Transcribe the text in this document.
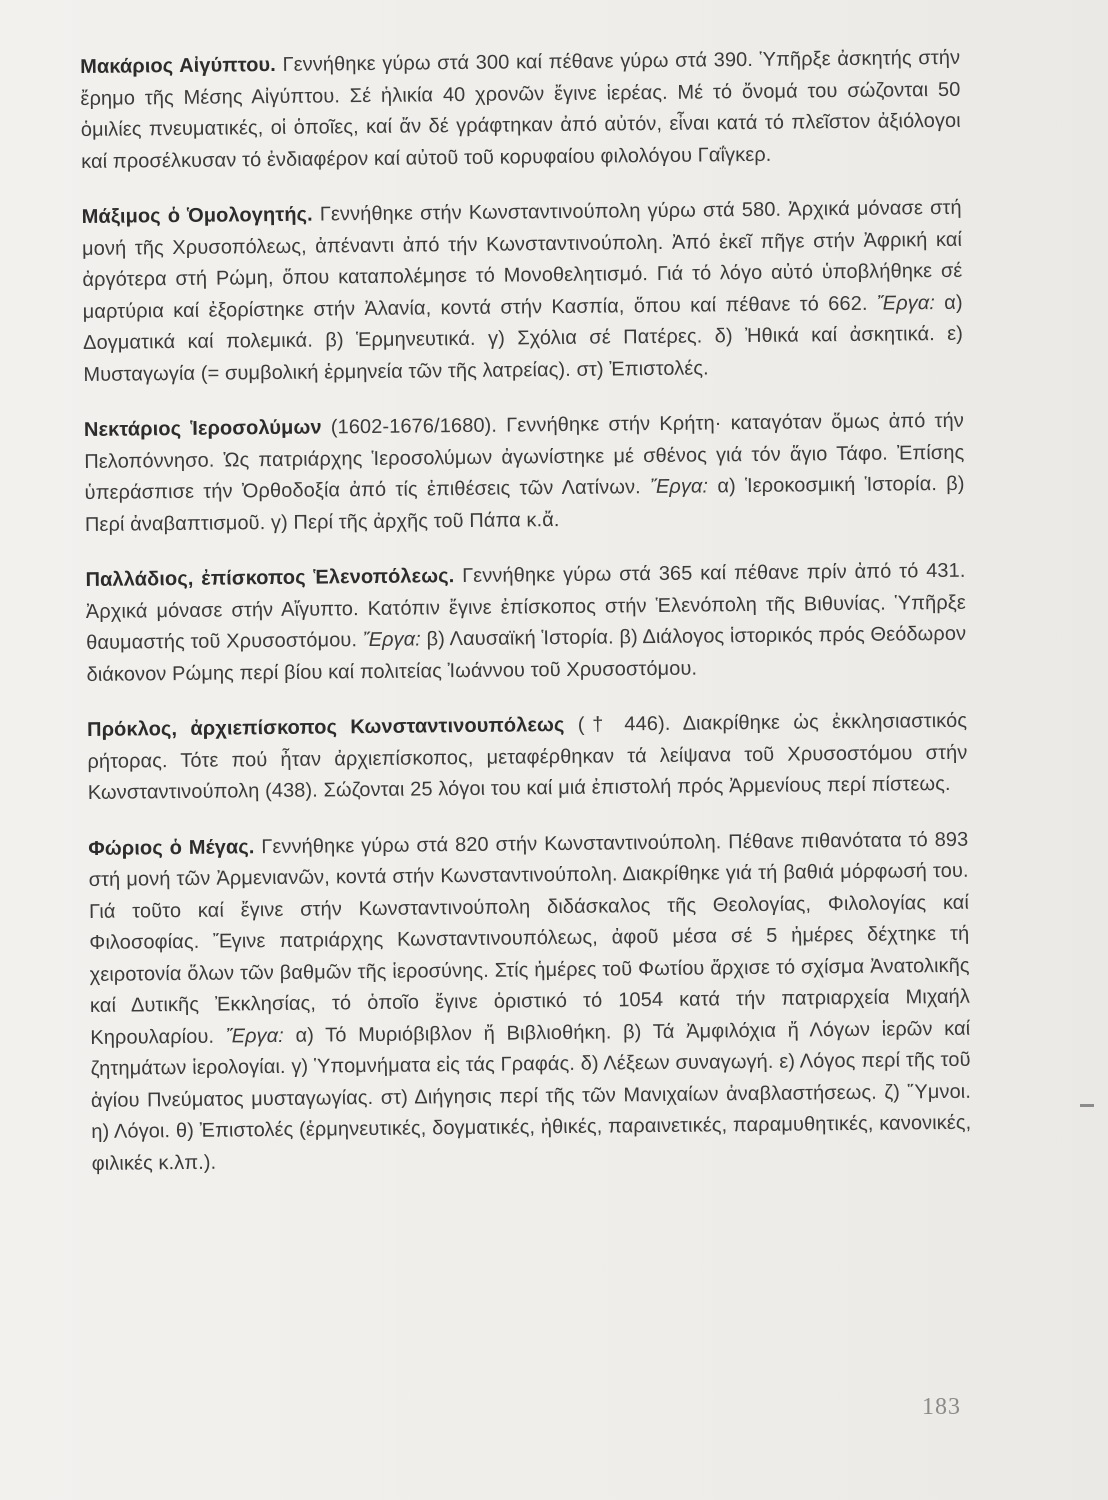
Μακάριος Αἰγύπτου. Γεννήθηκε γύρω στά 300 καί πέθανε γύρω στά 390. Ὑπῆρξε ἀσκητής στήν ἔρημο τῆς Μέσης Αἰγύπτου. Σέ ἡλικία 40 χρονῶν ἔγινε ἱερέας. Μέ τό ὄνομά του σώζονται 50 ὁμιλίες πνευματικές, οἱ ὁποῖες, καί ἄν δέ γράφτηκαν ἀπό αὐτόν, εἶναι κατά τό πλεῖστον ἀξιόλογοι καί προσέλκυσαν τό ἐνδιαφέρον καί αὐτοῦ τοῦ κορυφαίου φιλολόγου Γαΐγκερ.

Μάξιμος ὁ Ὁμολογητής. Γεννήθηκε στήν Κωνσταντινούπολη γύρω στά 580. Ἀρχικά μόνασε στή μονή τῆς Χρυσοπόλεως, ἀπέναντι ἀπό τήν Κωνσταντινούπολη. Ἀπό ἐκεῖ πῆγε στήν Ἀφρική καί ἀργότερα στή Ρώμη, ὅπου καταπολέμησε τό Μονοθελητισμό. Γιά τό λόγο αὐτό ὑποβλήθηκε σέ μαρτύρια καί ἐξορίστηκε στήν Ἀλανία, κοντά στήν Κασπία, ὅπου καί πέθανε τό 662. Ἔργα: α) Δογματικά καί πολεμικά. β) Ἑρμηνευτικά. γ) Σχόλια σέ Πατέρες. δ) Ἠθικά καί ἀσκητικά. ε) Μυσταγωγία (= συμβολική ἑρμηνεία τῶν τῆς λατρείας). στ) Ἐπιστολές.

Νεκτάριος Ἱεροσολύμων (1602-1676/1680). Γεννήθηκε στήν Κρήτη· καταγόταν ὅμως ἀπό τήν Πελοπόννησο. Ὡς πατριάρχης Ἱεροσολύμων ἀγωνίστηκε μέ σθένος γιά τόν ἅγιο Τάφο. Ἐπίσης ὑπεράσπισε τήν Ὀρθοδοξία ἀπό τίς ἐπιθέσεις τῶν Λατίνων. Ἔργα: α) Ἱεροκοσμική Ἱστορία. β) Περί ἀναβαπτισμοῦ. γ) Περί τῆς ἀρχῆς τοῦ Πάπα κ.ἄ.

Παλλάδιος, ἐπίσκοπος Ἑλενοπόλεως. Γεννήθηκε γύρω στά 365 καί πέθανε πρίν ἀπό τό 431. Ἀρχικά μόνασε στήν Αἴγυπτο. Κατόπιν ἔγινε ἐπίσκοπος στήν Ἑλενόπολη τῆς Βιθυνίας. Ὑπῆρξε θαυμαστής τοῦ Χρυσοστόμου. Ἔργα: β) Λαυσαϊκή Ἱστορία. β) Διάλογος ἱστορικός πρός Θεόδωρον διάκονον Ρώμης περί βίου καί πολιτείας Ἰωάννου τοῦ Χρυσοστόμου.

Πρόκλος, ἀρχιεπίσκοπος Κωνσταντινουπόλεως († 446). Διακρίθηκε ὡς ἐκκλησιαστικός ρήτορας. Τότε πού ἦταν ἀρχιεπίσκοπος, μεταφέρθηκαν τά λείψανα τοῦ Χρυσοστόμου στήν Κωνσταντινούπολη (438). Σώζονται 25 λόγοι του καί μιά ἐπιστολή πρός Ἀρμενίους περί πίστεως.

Φώριος ὁ Μέγας. Γεννήθηκε γύρω στά 820 στήν Κωνσταντινούπολη. Πέθανε πιθανότατα τό 893 στή μονή τῶν Ἀρμενιανῶν, κοντά στήν Κωνσταντινούπολη. Διακρίθηκε γιά τή βαθιά μόρφωσή του. Γιά τοῦτο καί ἔγινε στήν Κωνσταντινούπολη διδάσκαλος τῆς Θεολογίας, Φιλολογίας καί Φιλοσοφίας. Ἔγινε πατριάρχης Κωνσταντινουπόλεως, ἀφοῦ μέσα σέ 5 ἡμέρες δέχτηκε τή χειροτονία ὅλων τῶν βαθμῶν τῆς ἱεροσύνης. Στίς ἡμέρες τοῦ Φωτίου ἄρχισε τό σχίσμα Ἀνατολικῆς καί Δυτικῆς Ἐκκλησίας, τό ὁποῖο ἔγινε ὁριστικό τό 1054 κατά τήν πατριαρχεία Μιχαήλ Κηρουλαρίου. Ἔργα: α) Τό Μυριόβιβλον ἤ Βιβλιοθήκη. β) Τά Ἀμφιλόχια ἤ Λόγων ἱερῶν καί ζητημάτων ἱερολογίαι. γ) Ὑπομνήματα εἰς τάς Γραφάς. δ) Λέξεων συναγωγή. ε) Λόγος περί τῆς τοῦ ἁγίου Πνεύματος μυσταγωγίας. στ) Διήγησις περί τῆς τῶν Μανιχαίων ἀναβλαστήσεως. ζ) Ὕμνοι. η) Λόγοι. θ) Ἐπιστολές (ἑρμηνευτικές, δογματικές, ἠθικές, παραινετικές, παραμυθητικές, κανονικές, φιλικές κ.λπ.).

183
